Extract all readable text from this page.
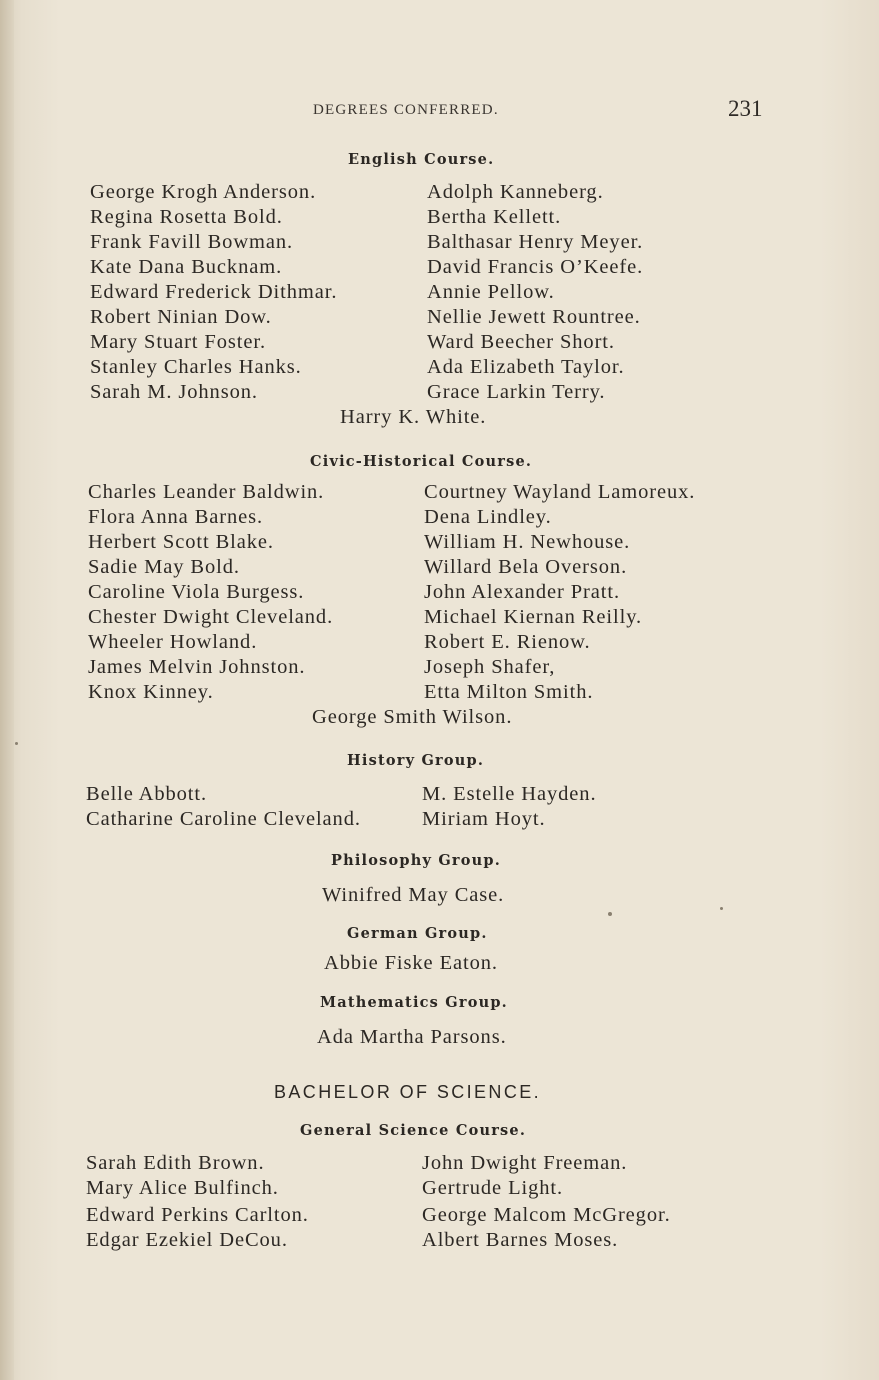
DEGREES CONFERRED.	231
English Course.
George Krogh Anderson.
Regina Rosetta Bold.
Frank Favill Bowman.
Kate Dana Bucknam.
Edward Frederick Dithmar.
Robert Ninian Dow.
Mary Stuart Foster.
Stanley Charles Hanks.
Sarah M. Johnson.
Adolph Kanneberg.
Bertha Kellett.
Balthasar Henry Meyer.
David Francis O’Keefe.
Annie Pellow.
Nellie Jewett Rountree.
Ward Beecher Short.
Ada Elizabeth Taylor.
Grace Larkin Terry.
Harry K. White.
Civic-Historical Course.
Charles Leander Baldwin.
Flora Anna Barnes.
Herbert Scott Blake.
Sadie May Bold.
Caroline Viola Burgess.
Chester Dwight Cleveland.
Wheeler Howland.
James Melvin Johnston.
Knox Kinney.
Courtney Wayland Lamoreux.
Dena Lindley.
William H. Newhouse.
Willard Bela Overson.
John Alexander Pratt.
Michael Kiernan Reilly.
Robert E. Rienow.
Joseph Shafer,
Etta Milton Smith.
George Smith Wilson.
History Group.
Belle Abbott.
Catharine Caroline Cleveland.
M. Estelle Hayden.
Miriam Hoyt.
Philosophy Group.
Winifred May Case.
German Group.
Abbie Fiske Eaton.
Mathematics Group.
Ada Martha Parsons.
BACHELOR OF SCIENCE.
General Science Course.
Sarah Edith Brown.
Mary Alice Bulfinch.
Edward Perkins Carlton.
Edgar Ezekiel DeCou.
John Dwight Freeman.
Gertrude Light.
George Malcom McGregor.
Albert Barnes Moses.
